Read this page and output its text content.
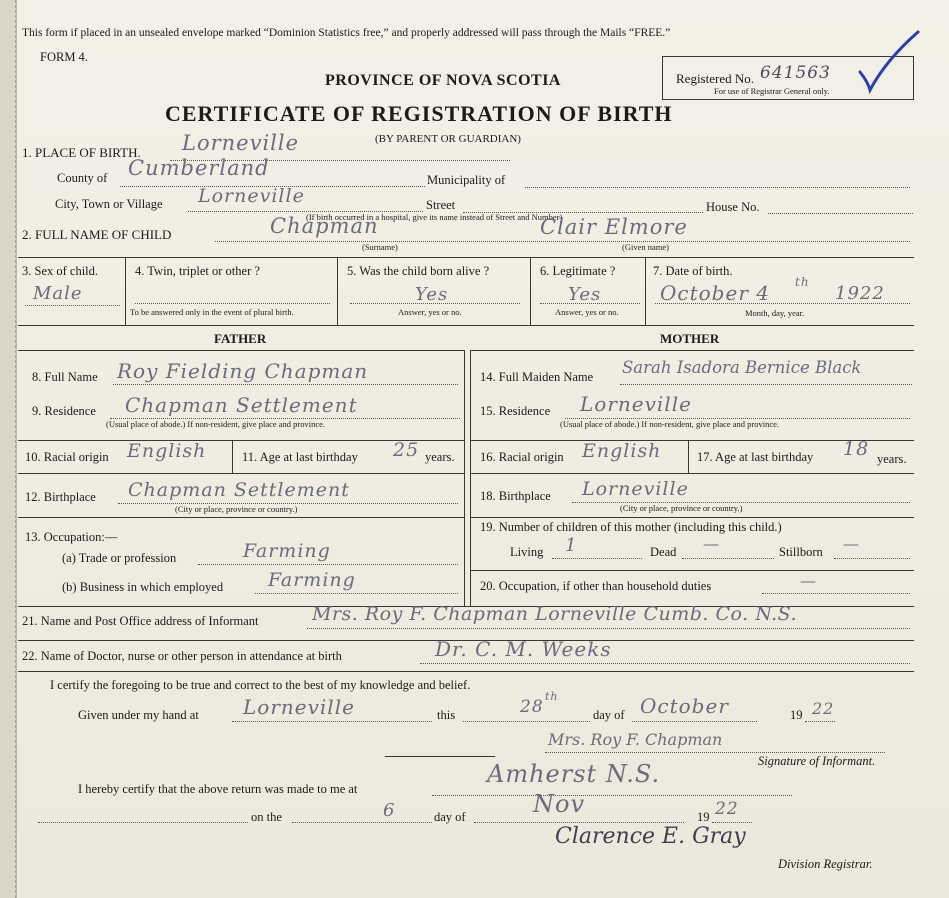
This form if placed in an unsealed envelope marked “Dominion Statistics free,” and properly addressed will pass through the Mails “FREE.”
FORM 4.
PROVINCE OF NOVA SCOTIA
CERTIFICATE OF REGISTRATION OF BIRTH
(BY PARENT OR GUARDIAN)
Registered No. 641563
For use of Registrar General only.
1. PLACE OF BIRTH. Lorneville
County of Cumberland	Municipality of
City, Town or Village Lorneville	Street	House No.
(If birth occurred in a hospital, give its name instead of Street and Number)
2. FULL NAME OF CHILD	Chapman	Clair Elmore
(Surname)	(Given name)
3. Sex of child.
Male
4. Twin, triplet or other ?
To be answered only in the event of plural birth.
5. Was the child born alive ?
Yes
Answer, yes or no.
6. Legitimate ?
Yes
Answer, yes or no.
7. Date of birth.
October 4 th
1922
Month, day, year.
FATHER	MOTHER
8. Full Name Roy Fielding Chapman
9. Residence Chapman Settlement
(Usual place of abode.) If non-resident, give place and province.
10. Racial origin English	11. Age at last birthday 25 years.
12. Birthplace Chapman Settlement
(City or place, province or country.)
13. Occupation:—
(a) Trade or profession	Farming
(b) Business in which employed Farming
14. Full Maiden Name Sarah Isadora Bernice Black
15. Residence Lorneville
(Usual place of abode.) If non-resident, give place and province.
16. Racial origin English	17. Age at last birthday 18 years.
18. Birthplace Lorneville
(City or place, province or country.)
19. Number of children of this mother (including this child.)
Living 1	Dead —	Stillborn —
20. Occupation, if other than household duties	—
21. Name and Post Office address of Informant	Mrs. Roy F. Chapman Lorneville Cumb. Co. N.S.
22. Name of Doctor, nurse or other person in attendance at birth	Dr. C. M. Weeks
I certify the foregoing to be true and correct to the best of my knowledge and belief.
Given under my hand at Lorneville	this	28
th
day of October	19 22
Mrs. Roy F. Chapman
Signature of Informant.
I hereby certify that the above return was made to me at
Amherst N.S.
on the	6	day of	Nov	19 22
Clarence E. Gray
Division Registrar.
